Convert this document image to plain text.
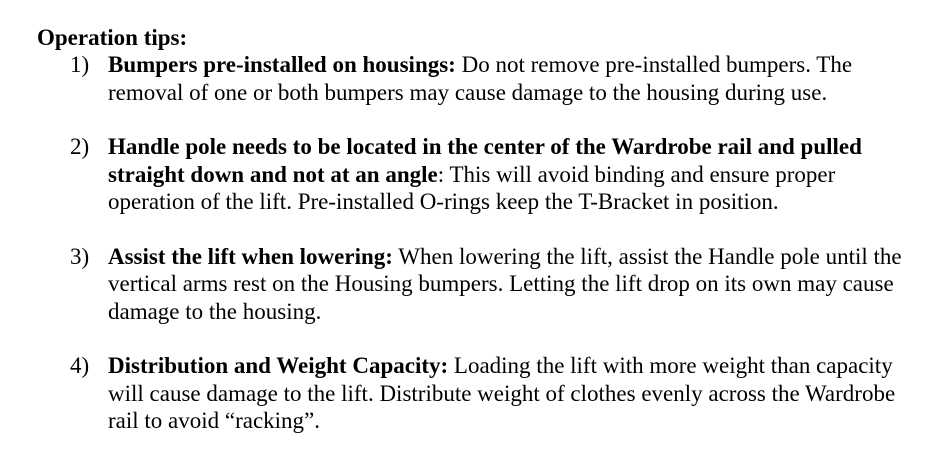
Operation tips:

1) Bumpers pre-installed on housings: Do not remove pre-installed bumpers. The removal of one or both bumpers may cause damage to the housing during use.
2) Handle pole needs to be located in the center of the Wardrobe rail and pulled straight down and not at an angle: This will avoid binding and ensure proper operation of the lift. Pre-installed O-rings keep the T-Bracket in position.
3) Assist the lift when lowering: When lowering the lift, assist the Handle pole until the vertical arms rest on the Housing bumpers. Letting the lift drop on its own may cause damage to the housing.
4) Distribution and Weight Capacity: Loading the lift with more weight than capacity will cause damage to the lift. Distribute weight of clothes evenly across the Wardrobe rail to avoid “racking”.
